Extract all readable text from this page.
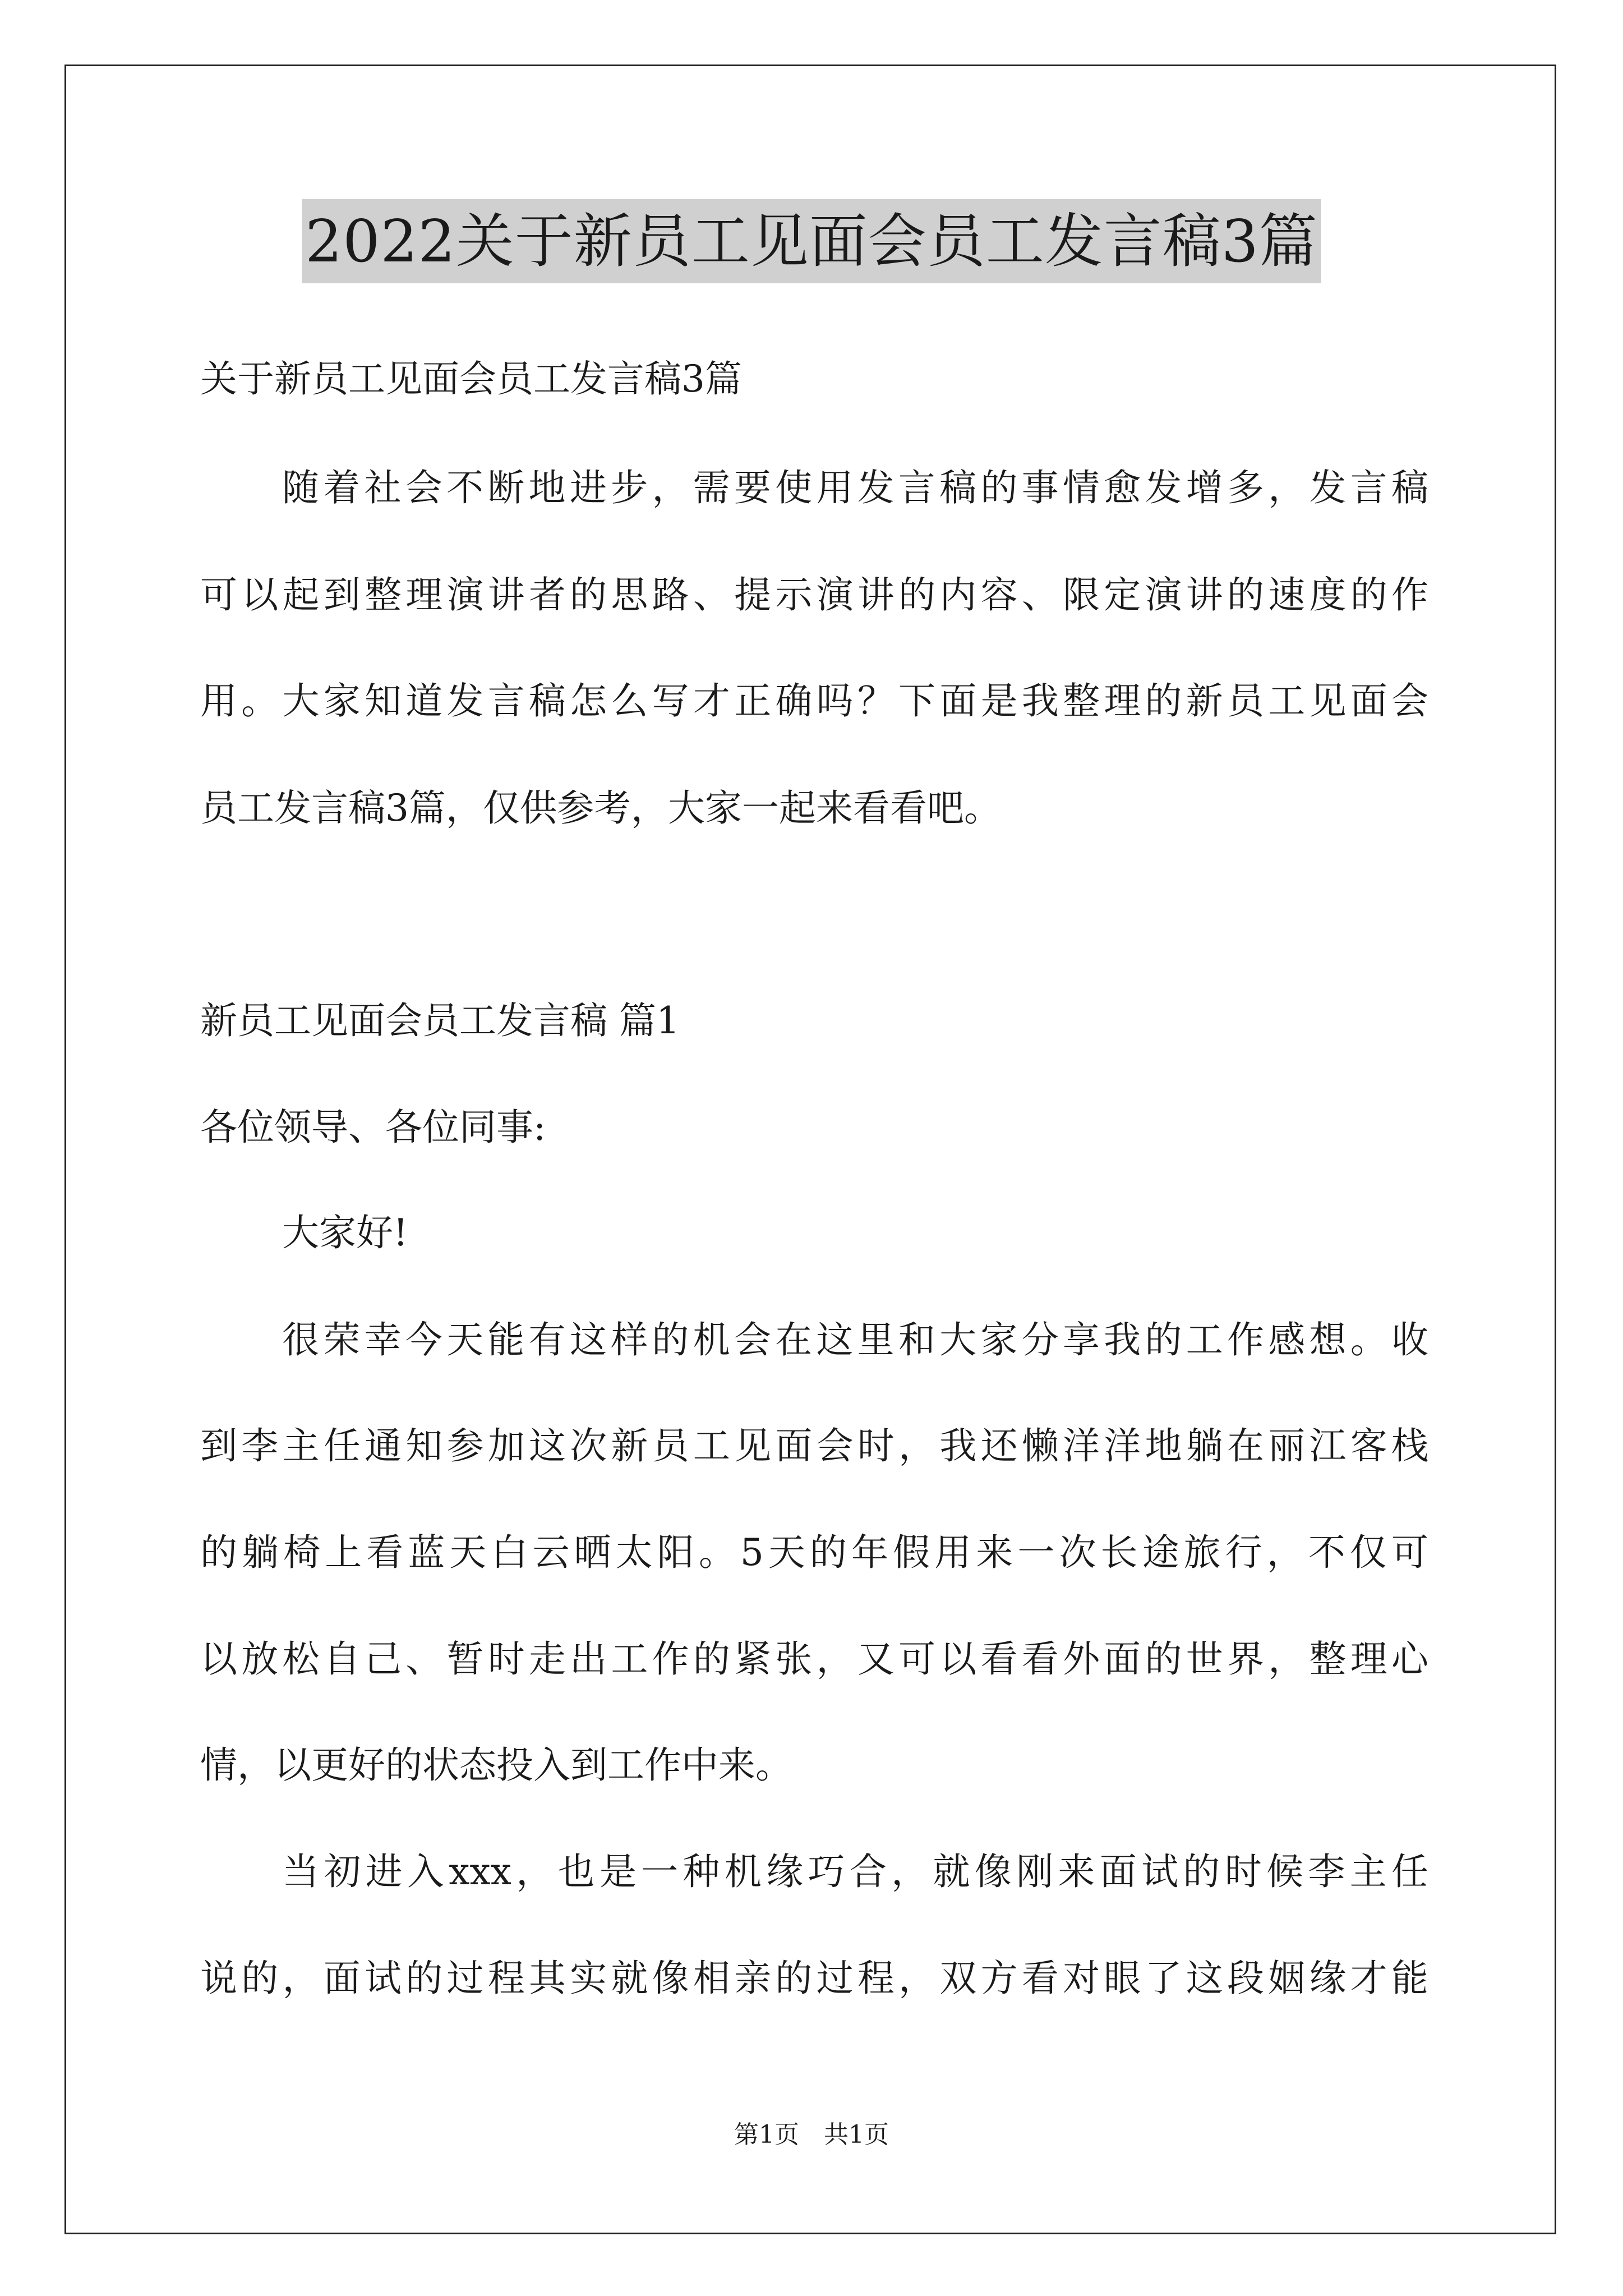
2022关于新员工见面会员工发言稿3篇
关于新员工见面会员工发言稿3篇
随着社会不断地进步，需要使用发言稿的事情愈发增多，发言稿
可以起到整理演讲者的思路、提示演讲的内容、限定演讲的速度的作
用。大家知道发言稿怎么写才正确吗？下面是我整理的新员工见面会
员工发言稿3篇，仅供参考，大家一起来看看吧。
新员工见面会员工发言稿 篇1
各位领导、各位同事:
大家好!
很荣幸今天能有这样的机会在这里和大家分享我的工作感想。收
到李主任通知参加这次新员工见面会时，我还懒洋洋地躺在丽江客栈
的躺椅上看蓝天白云晒太阳。5天的年假用来一次长途旅行，不仅可
以放松自己、暂时走出工作的紧张，又可以看看外面的世界，整理心
情，以更好的状态投入到工作中来。
当初进入xxx，也是一种机缘巧合，就像刚来面试的时候李主任
说的，面试的过程其实就像相亲的过程，双方看对眼了这段姻缘才能
第1页　共1页
